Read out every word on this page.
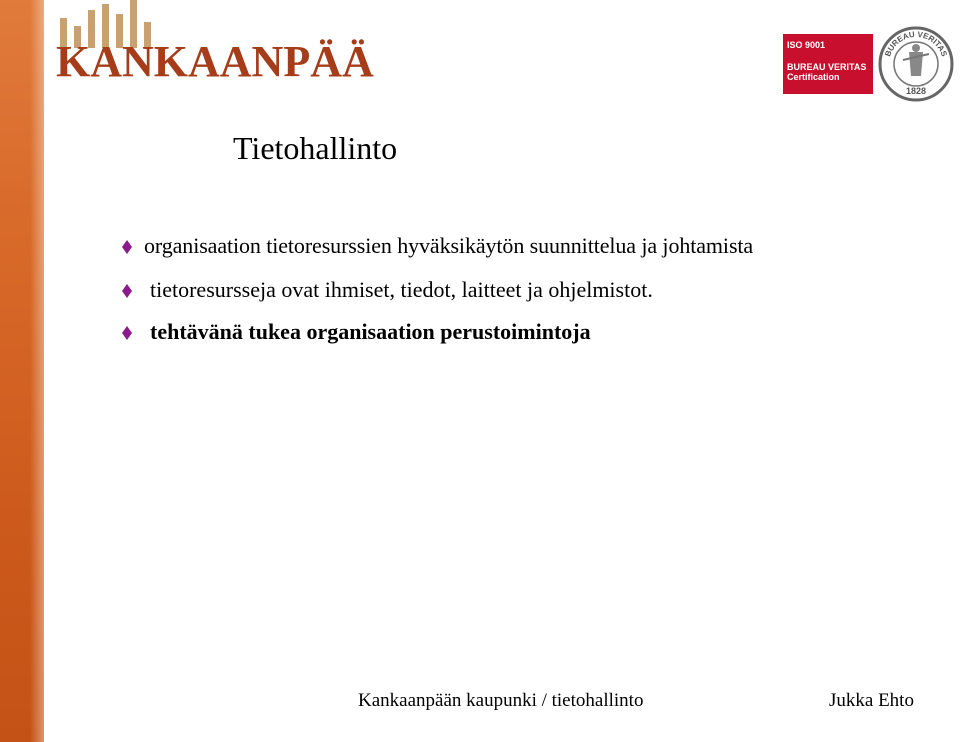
KANKAANPÄÄ	ISO 9001
BUREAU VERITAS
Certification
BUREAU VERITAS
1828
Tietohallinto
organisaation tietoresurssien hyväksikäytön suunnittelua ja johtamista
tietoresursseja ovat ihmiset, tiedot, laitteet ja ohjelmistot.
tehtävänä tukea organisaation perustoimintoja
Kankaanpään kaupunki / tietohallinto	Jukka Ehto
